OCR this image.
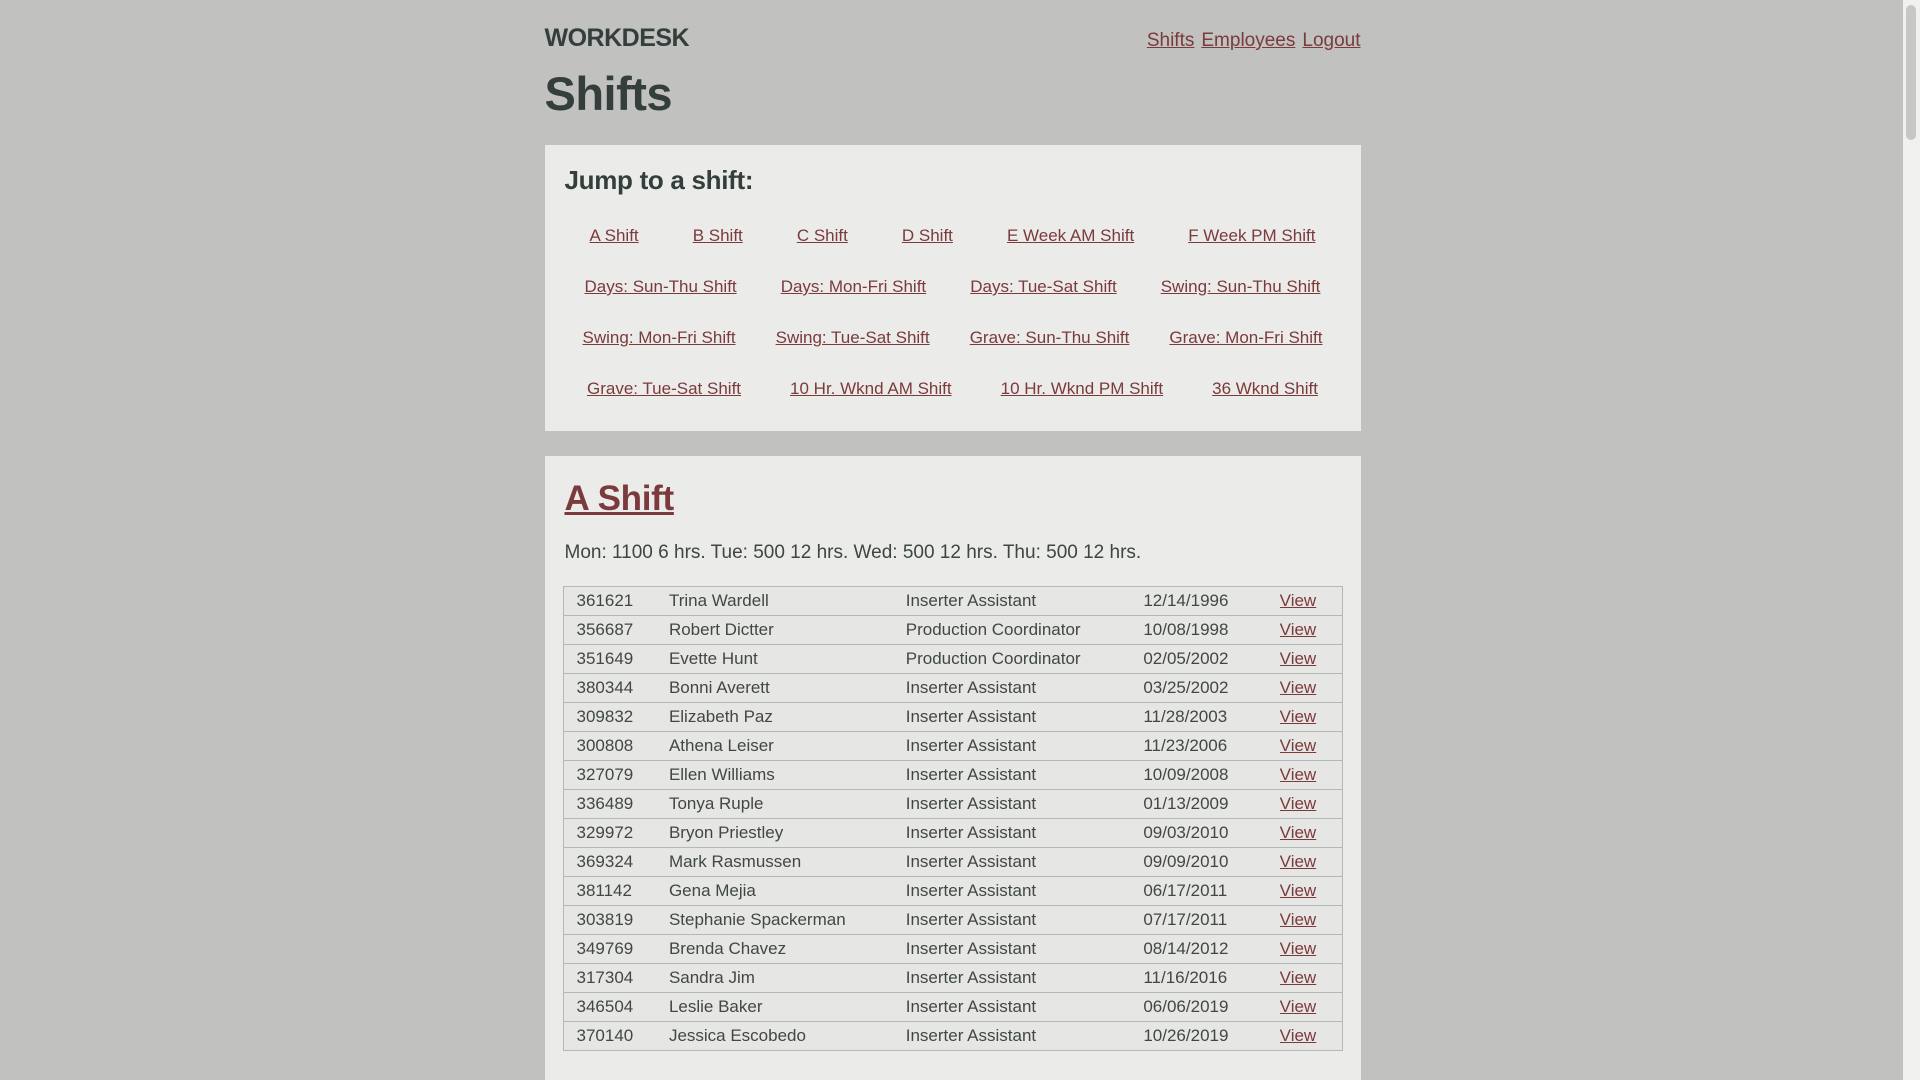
WORKDESK	Shifts Employees Logout
Shifts
Jump to a shift:
A Shift	B Shift	C Shift	D Shift	E Week AM Shift	F Week PM Shift
Days: Sun-Thu Shift	Days: Mon-Fri Shift	Days: Tue-Sat Shift	Swing: Sun-Thu Shift
Swing: Mon-Fri Shift Swing: Tue-Sat Shift Grave: Sun-Thu Shift Grave: Mon-Fri Shift
Grave: Tue-Sat Shift	10 Hr. Wknd AM Shift	10 Hr. Wknd PM Shift	36 Wknd Shift
A Shift

Mon: 1100 6 hrs. Tue: 500 12 hrs. Wed: 500 12 hrs. Thu: 500 12 hrs.

361621	Trina Wardell	Inserter Assistant	12/14/1996	View
356687	Robert Dictter	Production Coordinator	10/08/1998	View
351649	Evette Hunt	Production Coordinator	02/05/2002	View
380344	Bonni Averett	Inserter Assistant	03/25/2002	View
309832	Elizabeth Paz	Inserter Assistant	11/28/2003	View
300808	Athena Leiser	Inserter Assistant	11/23/2006	View
327079	Ellen Williams	Inserter Assistant	10/09/2008	View
336489	Tonya Ruple	Inserter Assistant	01/13/2009	View
329972	Bryon Priestley	Inserter Assistant	09/03/2010	View
369324	Mark Rasmussen	Inserter Assistant	09/09/2010	View
381142	Gena Mejia	Inserter Assistant	06/17/2011	View
303819	Stephanie Spackerman	Inserter Assistant	07/17/2011	View
349769	Brenda Chavez	Inserter Assistant	08/14/2012	View
317304	Sandra Jim	Inserter Assistant	11/16/2016	View
346504	Leslie Baker	Inserter Assistant	06/06/2019	View
370140	Jessica Escobedo	Inserter Assistant	10/26/2019	View
